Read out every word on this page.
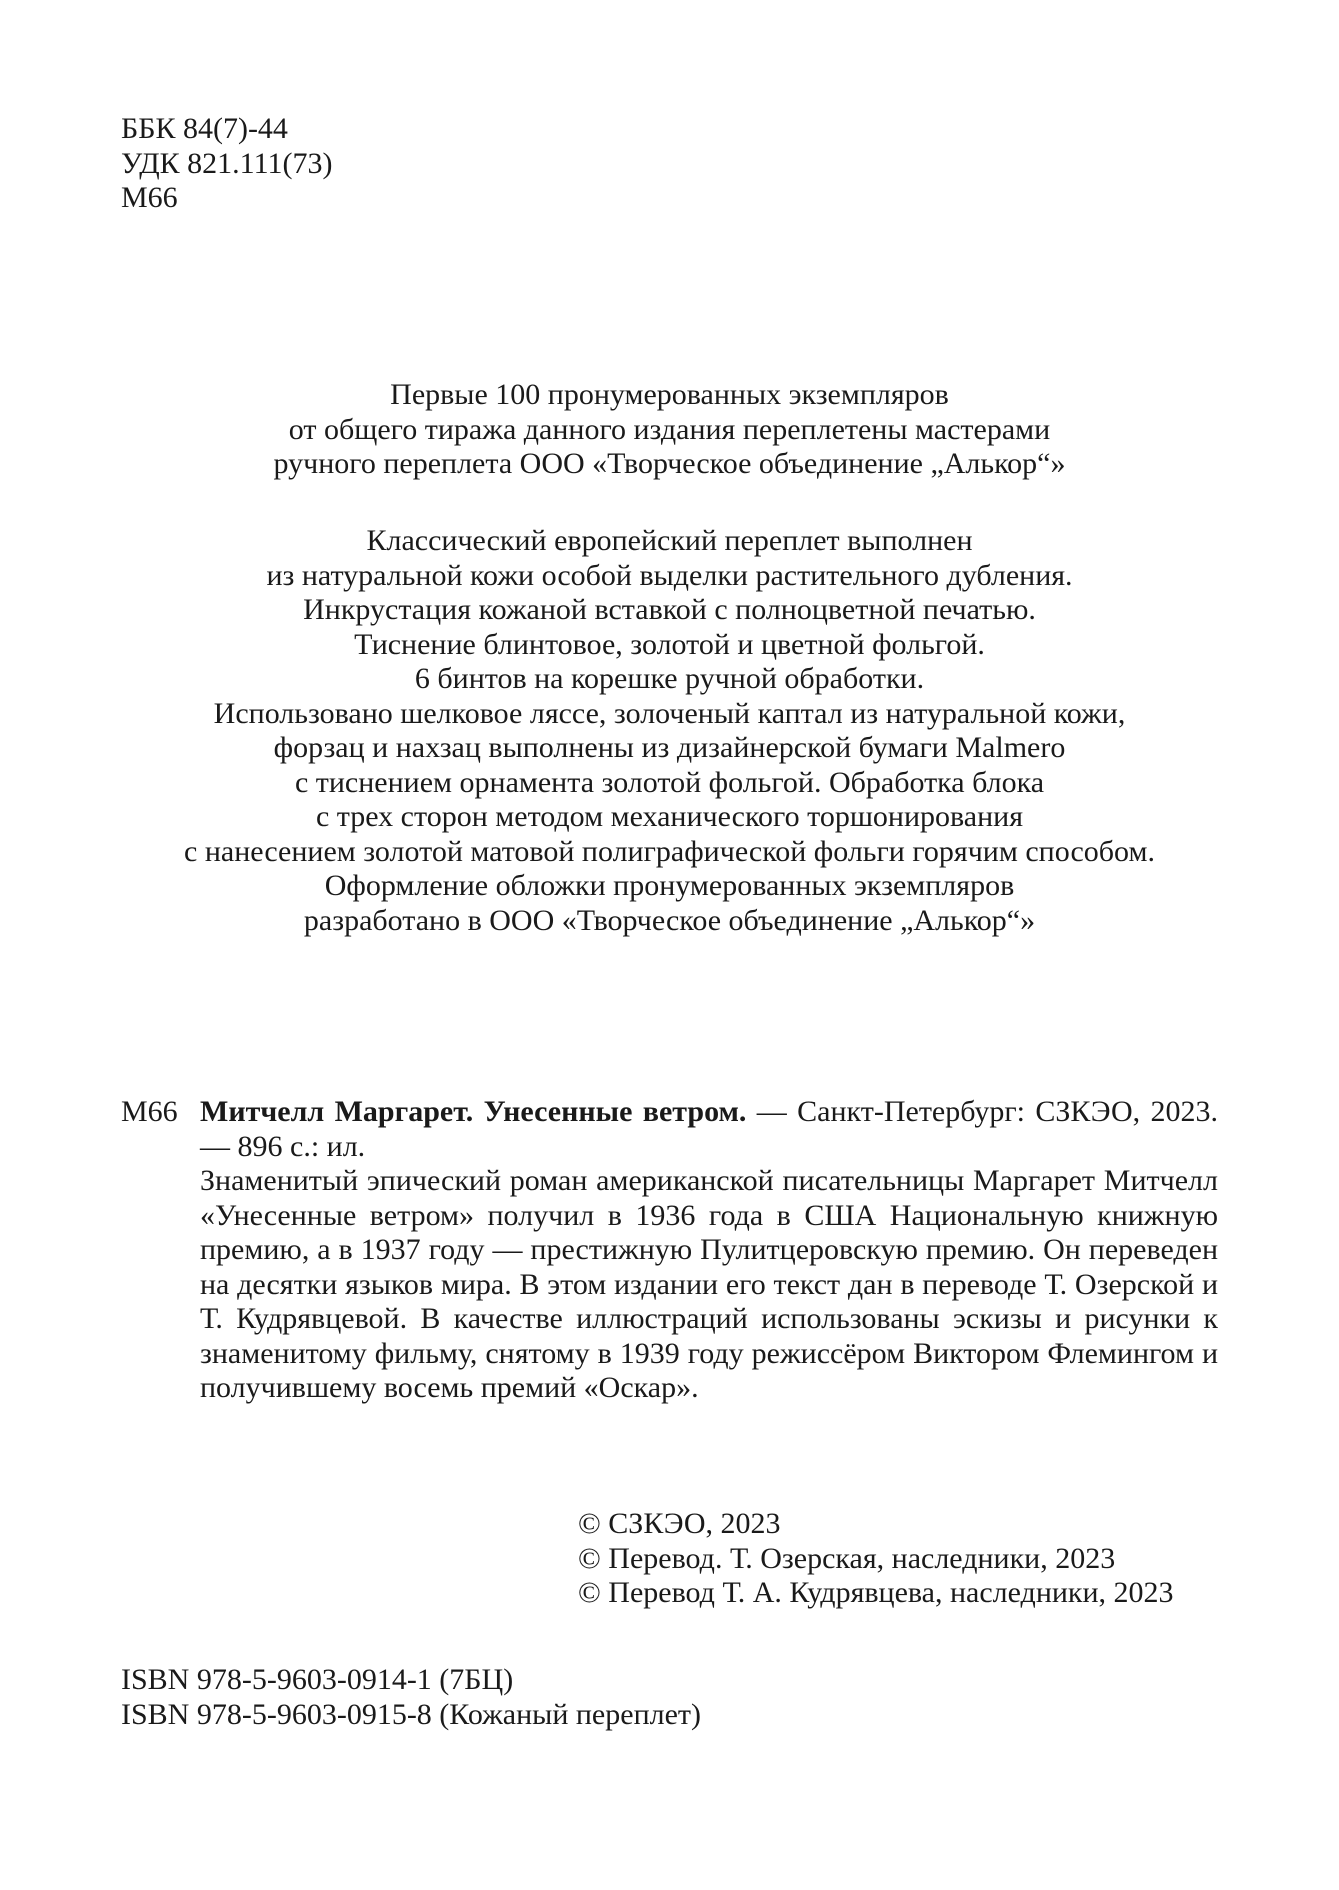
ББК 84(7)-44
УДК 821.111(73)
М66
Первые 100 пронумерованных экземпляров
от общего тиража данного издания переплетены мастерами
ручного переплета ООО «Творческое объединение „Алькор“»
Классический европейский переплет выполнен
из натуральной кожи особой выделки растительного дубления.
Инкрустация кожаной вставкой с полноцветной печатью.
Тиснение блинтовое, золотой и цветной фольгой.
6 бинтов на корешке ручной обработки.
Использовано шелковое ляссе, золоченый каптал из натуральной кожи,
форзац и нахзац выполнены из дизайнерской бумаги Malmero
с тиснением орнамента золотой фольгой. Обработка блока
с трех сторон методом механического торшонирования
с нанесением золотой матовой полиграфической фольги горячим способом.
Оформление обложки пронумерованных экземпляров
разработано в ООО «Творческое объединение „Алькор“»
М66 Митчелл Маргарет. Унесенные ветром. — Санкт-Петербург: СЗКЭО, 2023. — 896 с.: ил.
Знаменитый эпический роман американской писательницы Маргарет Митчелл «Унесенные ветром» получил в 1936 года в США Национальную книжную премию, а в 1937 году — престижную Пулитцеровскую премию. Он переведен на десятки языков мира. В этом издании его текст дан в переводе Т. Озерской и Т. Кудрявцевой. В качестве иллюстраций использованы эскизы и рисунки к знаменитому фильму, снятому в 1939 году режиссёром Виктором Флемингом и получившему восемь премий «Оскар».
© СЗКЭО, 2023
© Перевод. Т. Озерская, наследники, 2023
© Перевод Т. А. Кудрявцева, наследники, 2023
ISBN 978-5-9603-0914-1 (7БЦ)
ISBN 978-5-9603-0915-8 (Кожаный переплет)
